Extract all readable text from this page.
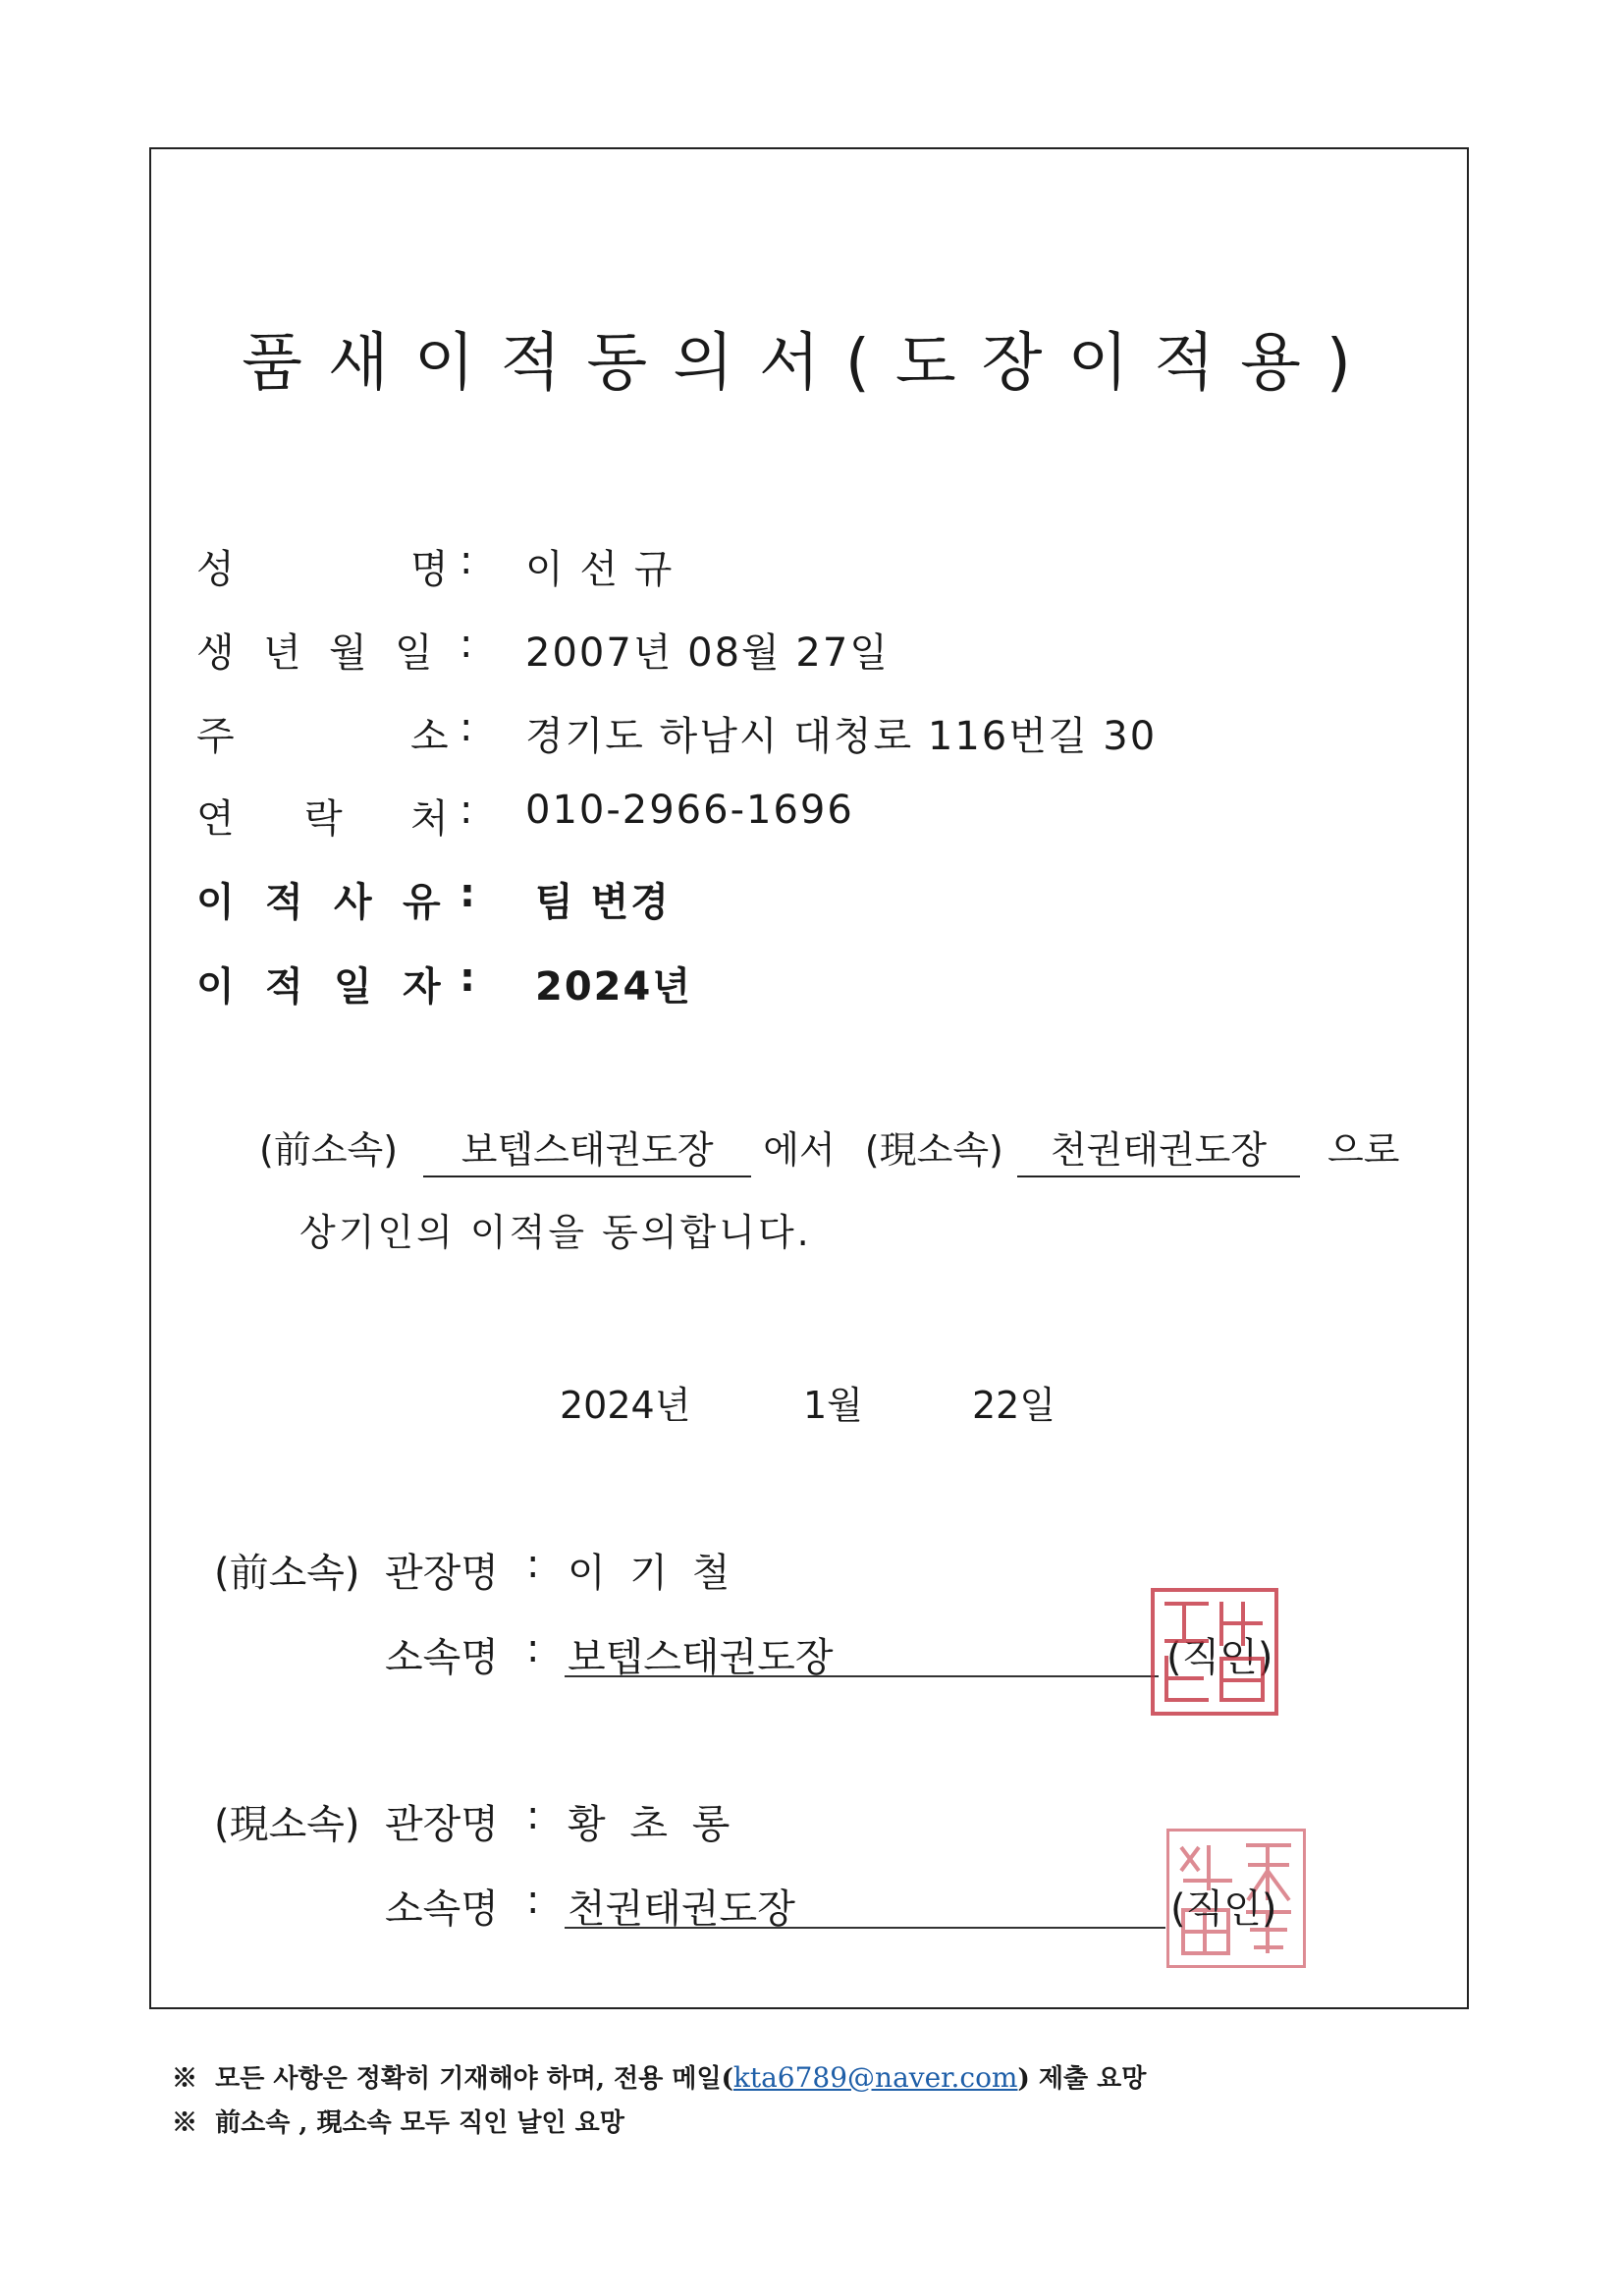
품새이적동의서(도장이적용)
성	명 : 이 선 규
생 년 월 일 : 2007년 08월 27일
주	소 : 경기도 하남시 대청로 116번길 30
연 락 처 : 010-2966-1696
이 적 사 유 : 팀 변경
이 적 일 자 : 2024년
(前소속) 보텝스태권도장 에서 (現소속) 천권태권도장 으로
상기인의 이적을 동의합니다.
2024년	1월	22일
(前소속) 관장명 : 이 기 철
소속명 : 보텝스태권도장	(직인)
(現소속) 관장명 : 황 초 롱
소속명 : 천권태권도장	(직인)
※ 모든 사항은 정확히 기재해야 하며, 전용 메일(kta6789@naver.com) 제출 요망
※ 前소속 , 現소속 모두 직인 날인 요망
